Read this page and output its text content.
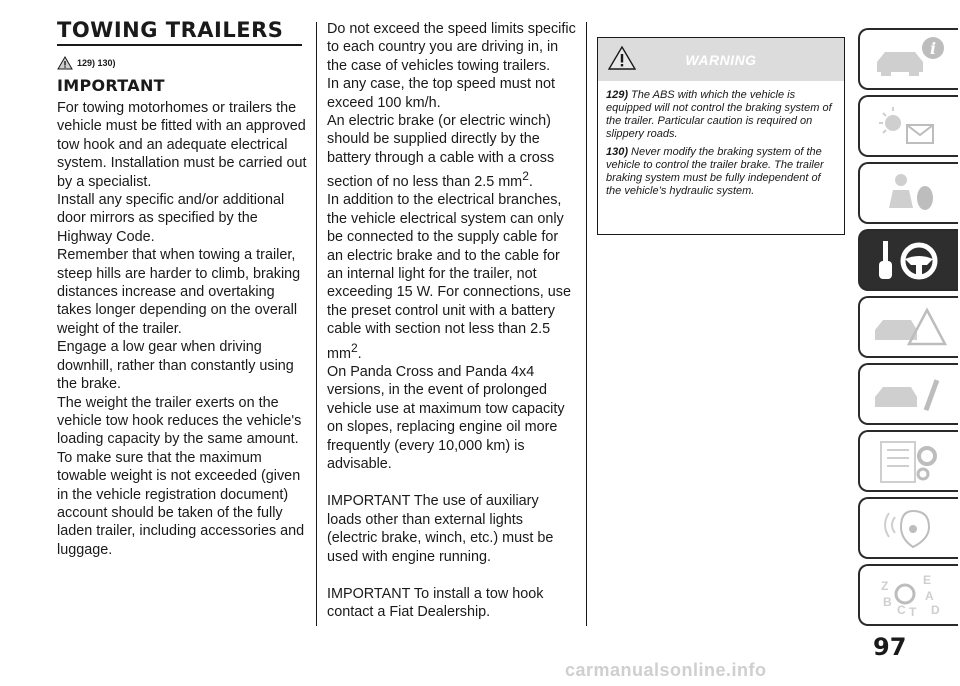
TOWING TRAILERS
129) 130)
IMPORTANT

For towing motorhomes or trailers the vehicle must be fitted with an approved tow hook and an adequate electrical system. Installation must be carried out by a specialist.

Install any specific and/or additional door mirrors as specified by the Highway Code.

Remember that when towing a trailer, steep hills are harder to climb, braking distances increase and overtaking takes longer depending on the overall weight of the trailer.

Engage a low gear when driving downhill, rather than constantly using the brake.

The weight the trailer exerts on the vehicle tow hook reduces the vehicle's loading capacity by the same amount. To make sure that the maximum towable weight is not exceeded (given in the vehicle registration document) account should be taken of the fully laden trailer, including accessories and luggage.

Do not exceed the speed limits specific to each country you are driving in, in the case of vehicles towing trailers.

In any case, the top speed must not exceed 100 km/h.

An electric brake (or electric winch) should be supplied directly by the battery through a cable with a cross section of no less than 2.5 $mm^2$.

In addition to the electrical branches, the vehicle electrical system can only be connected to the supply cable for an electric brake and to the cable for an internal light for the trailer, not exceeding 15 W. For connections, use the preset control unit with a battery cable with section not less than 2.5 $mm^2$.

On Panda Cross and Panda 4x4 versions, in the event of prolonged vehicle use at maximum tow capacity on slopes, replacing engine oil more frequently (every 10,000 km) is advisable.

IMPORTANT The use of auxiliary loads other than external lights (electric brake, winch, etc.) must be used with engine running.

IMPORTANT To install a tow hook contact a Fiat Dealership.

WARNING

129) The ABS with which the vehicle is equipped will not control the braking system of the trailer. Particular caution is required on slippery roads.

130) Never modify the braking system of the vehicle to control the trailer brake. The trailer braking system must be fully independent of the vehicle’s hydraulic system.

i
Z	E
A
B
C T D
97
carmanualsonline.info
